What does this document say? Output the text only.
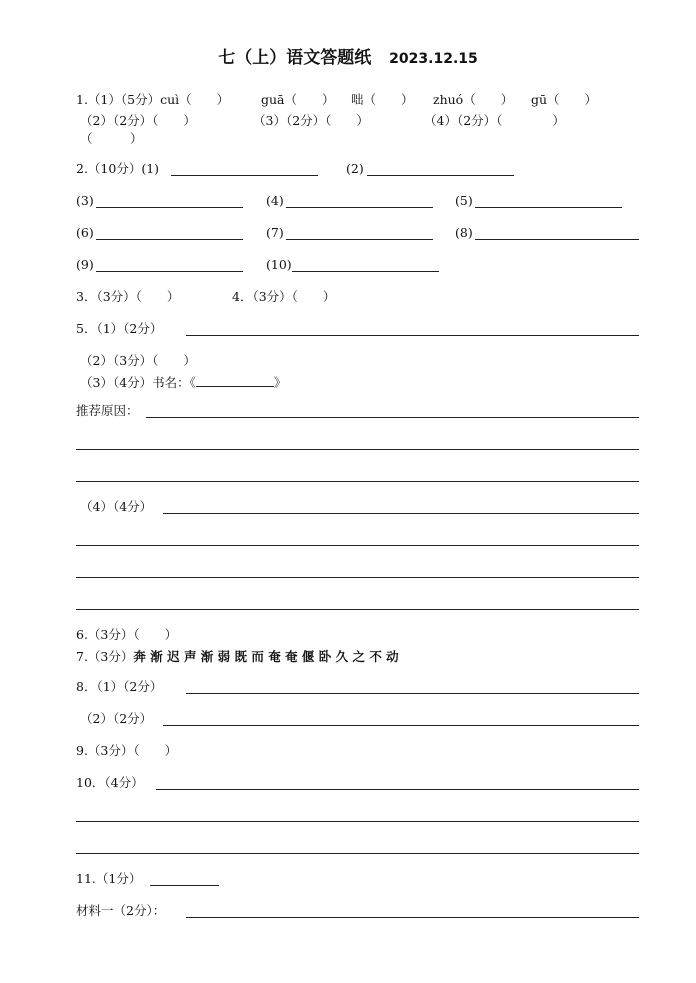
七（上）语文答题纸 2023.12.15
1.（1）（5分）cuì（　　）	guā（　　） 咄（　　） zhuó（　　） gū（　　）
（2）（2分）（　　）	（3）（2分）（　　）	（4）（2分）（　　　　）
（　　　）
2.（10分）(1)	(2)
(3)	(4)	(5)
(6)	(7)	(8)
(9)	(10)
3．（3分）（　　）	4．（3分）（　　）
5．（1）（2分）
（2）（3分）（　　）
（3）（4分）书名：《	》
推荐原因：
（4）（4分）
6.（3分）（　　）
7.（3分）奔 渐 迟 声 渐 弱 既 而 奄 奄 偃 卧 久 之 不 动
8．（1）（2分）
（2）（2分）
9.（3分）（　　）
10．（4分）
11.（1分）
材料一（2分）：
